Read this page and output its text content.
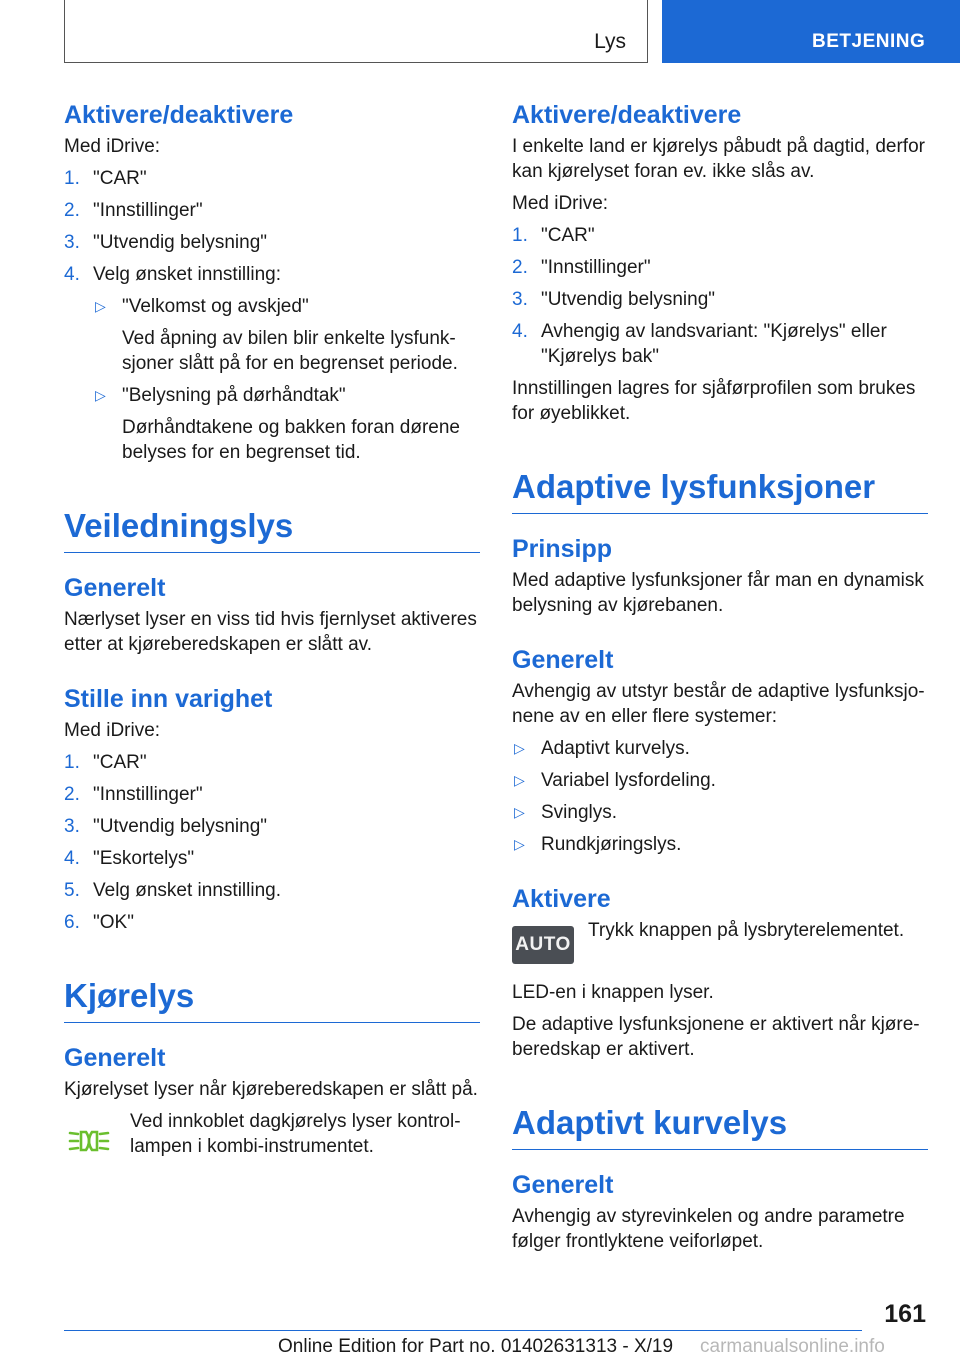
Lys	BETJENING
Aktivere/deaktivere

Med iDrive:

1. "CAR"
2. "Innstillinger"
3. "Utvendig belysning"
4. Velg ønsket innstilling:
▷ "Velkomst og avskjed"
Ved åpning av bilen blir enkelte lysfunk‐sjoner slått på for en begrenset periode.
▷ "Belysning på dørhåndtak"
Dørhåndtakene og bakken foran dørene belyses for en begrenset tid.
Veiledningslys
Generelt

Nærlyset lyser en viss tid hvis fjernlyset aktiveres etter at kjøreberedskapen er slått av.

Stille inn varighet

Med iDrive:

1. "CAR"
2. "Innstillinger"
3. "Utvendig belysning"
4. "Eskortelys"
5. Velg ønsket innstilling.
6. "OK"
Kjørelys
Generelt

Kjørelyset lyser når kjøreberedskapen er slått på.

Ved innkoblet dagkjørelys lyser kontrol‐lampen i kombi-instrumentet.
Aktivere/deaktivere

I enkelte land er kjørelys påbudt på dagtid, derfor kan kjørelyset foran ev. ikke slås av.

Med iDrive:

1. "CAR"
2. "Innstillinger"
3. "Utvendig belysning"
4. Avhengig av landsvariant: "Kjørelys" eller "Kjørelys bak"

Innstillingen lagres for sjåførprofilen som brukes for øyeblikket.

Adaptive lysfunksjoner
Prinsipp

Med adaptive lysfunksjoner får man en dynamisk belysning av kjørebanen.

Generelt

Avhengig av utstyr består de adaptive lysfunksjo‐nene av en eller flere systemer:

▷ Adaptivt kurvelys.
▷ Variabel lysfordeling.
▷ Svinglys.
▷ Rundkjøringslys.
Aktivere
AUTO
Trykk knappen på lysbryterelementet.

LED-en i knappen lyser.

De adaptive lysfunksjonene er aktivert når kjøre‐beredskap er aktivert.

Adaptivt kurvelys
Generelt

Avhengig av styrevinkelen og andre parametre følger frontlyktene veiforløpet.

161
Online Edition for Part no. 01402631313 - X/19 carmanualsonline.info
